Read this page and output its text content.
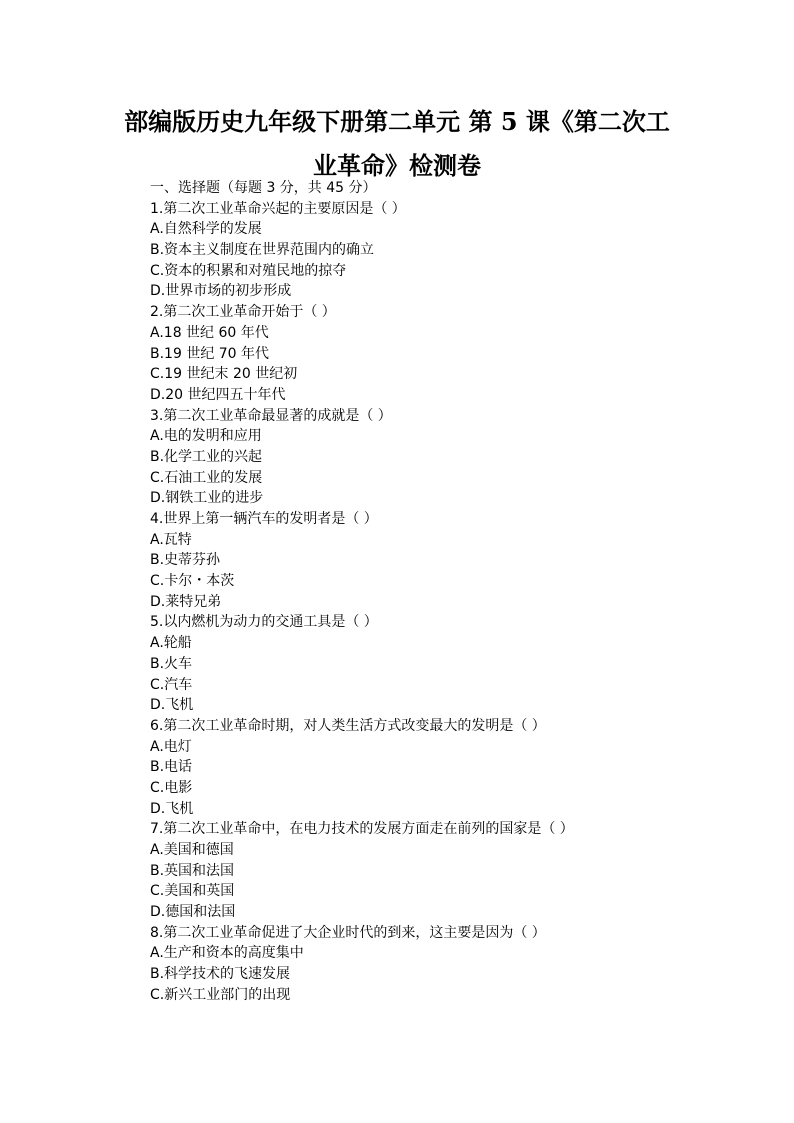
部编版历史九年级下册第二单元 第 5 课《第二次工
业革命》检测卷
一、选择题（每题 3 分，共 45 分）
1.第二次工业革命兴起的主要原因是（ ）
A.自然科学的发展
B.资本主义制度在世界范围内的确立
C.资本的积累和对殖民地的掠夺
D.世界市场的初步形成
2.第二次工业革命开始于（ ）
A.18 世纪 60 年代
B.19 世纪 70 年代
C.19 世纪末 20 世纪初
D.20 世纪四五十年代
3.第二次工业革命最显著的成就是（ ）
A.电的发明和应用
B.化学工业的兴起
C.石油工业的发展
D.钢铁工业的进步
4.世界上第一辆汽车的发明者是（ ）
A.瓦特
B.史蒂芬孙
C.卡尔・本茨
D.莱特兄弟
5.以内燃机为动力的交通工具是（ ）
A.轮船
B.火车
C.汽车
D.飞机
6.第二次工业革命时期，对人类生活方式改变最大的发明是（ ）
A.电灯
B.电话
C.电影
D.飞机
7.第二次工业革命中，在电力技术的发展方面走在前列的国家是（ ）
A.美国和德国
B.英国和法国
C.美国和英国
D.德国和法国
8.第二次工业革命促进了大企业时代的到来，这主要是因为（ ）
A.生产和资本的高度集中
B.科学技术的飞速发展
C.新兴工业部门的出现
